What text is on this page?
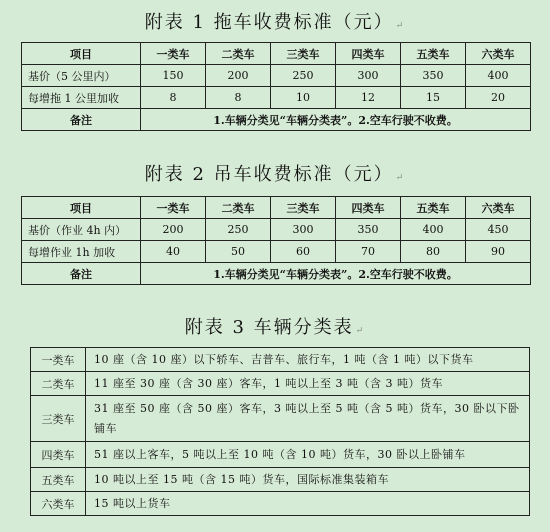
附表 1 拖车收费标准（元） ↵
项目	一类车	二类车	三类车	四类车	五类车	六类车
基价（5 公里内）	150	200	250	300	350	400
每增拖 1 公里加收	8	8	10	12	15	20
备注	1.车辆分类见“车辆分类表”。2.空车行驶不收费。					
附表 2 吊车收费标准（元） ↵
项目	一类车	二类车	三类车	四类车	五类车	六类车
基价（作业 4h 内）	200	250	300	350	400	450
每增作业 1h 加收	40	50	60	70	80	90
备注	1.车辆分类见“车辆分类表”。2.空车行驶不收费。					
附表 3 车辆分类表 ↵
一类车	10 座（含 10 座）以下轿车、吉普车、旅行车，1 吨（含 1 吨）以下货车
二类车	11 座至 30 座（含 30 座）客车，1 吨以上至 3 吨（含 3 吨）货车
三类车	31 座至 50 座（含 50 座）客车，3 吨以上至 5 吨（含 5 吨）货车，30 卧以下卧铺车
四类车	51 座以上客车，5 吨以上至 10 吨（含 10 吨）货车，30 卧以上卧铺车
五类车	10 吨以上至 15 吨（含 15 吨）货车，国际标准集装箱车
六类车	15 吨以上货车
